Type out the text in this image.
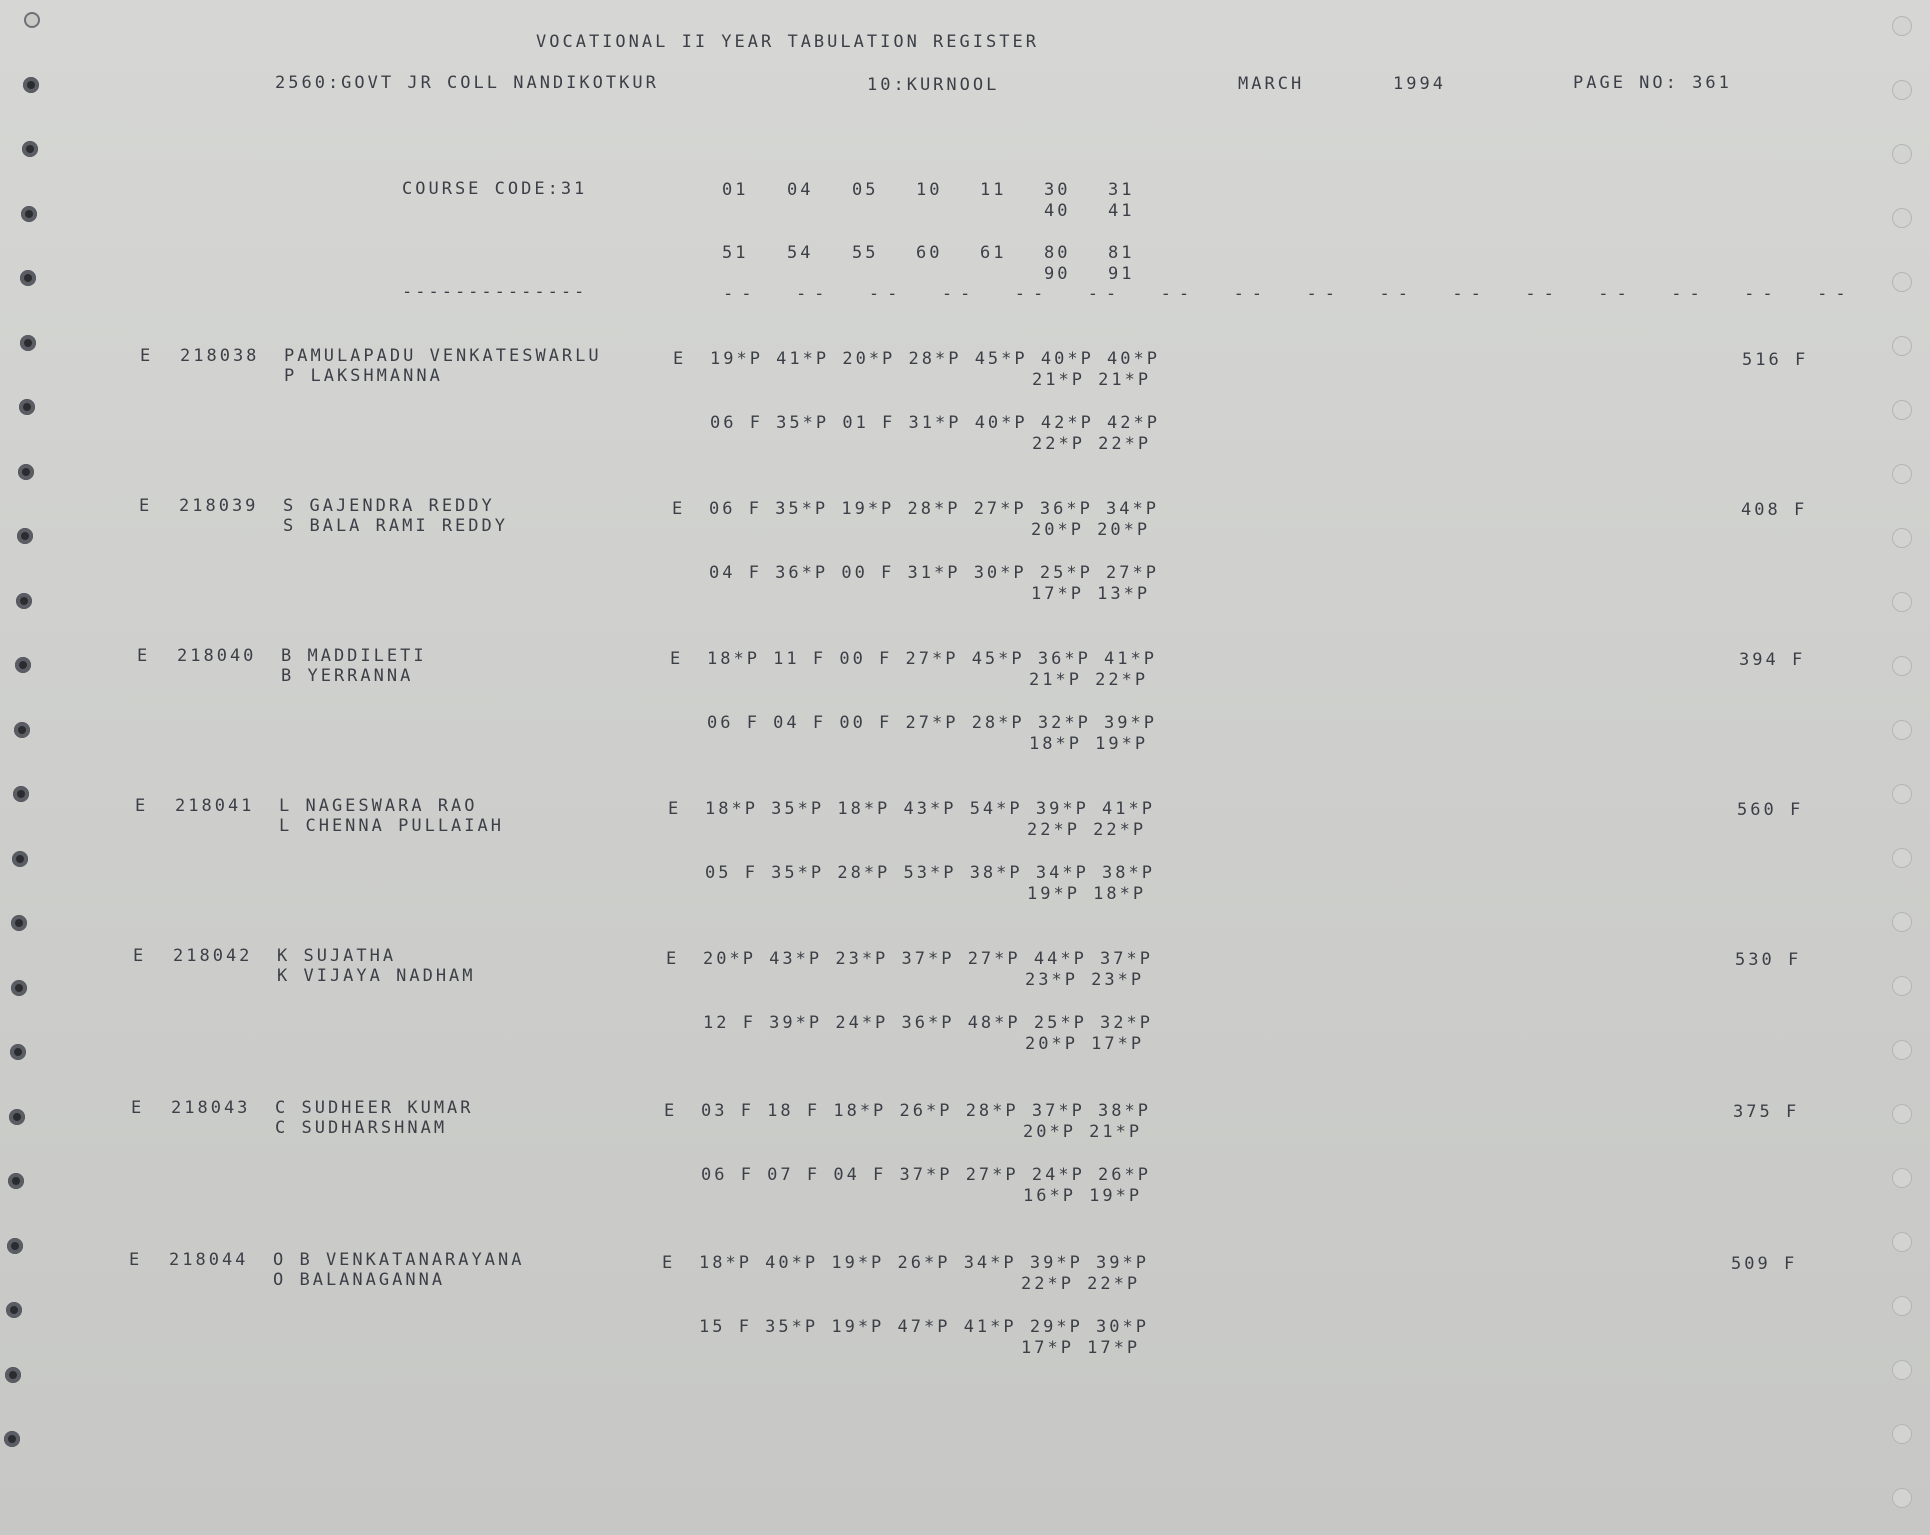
VOCATIONAL II YEAR TABULATION REGISTER
2560:GOVT JR COLL NANDIKOTKUR	10:KURNOOL	MARCH	1994	PAGE NO: 361
COURSE CODE:31
--------------
01 04 05 10 11 30 31
40 41
51 54 55 60 61 80 81
90 91
--  --  --  --  --  --  --  --  --  --  --  --  --  --  --  --
E 218038 PAMULAPADU VENKATESWARLU
P LAKSHMANNA
E 19*P 41*P 20*P 28*P 45*P 40*P 40*P
21*P 21*P
06 F 35*P 01 F 31*P 40*P 42*P 42*P
22*P 22*P
516 F
E 218039 S GAJENDRA REDDY
S BALA RAMI REDDY
E 06 F 35*P 19*P 28*P 27*P 36*P 34*P
20*P 20*P
04 F 36*P 00 F 31*P 30*P 25*P 27*P
17*P 13*P
408 F
E 218040 B MADDILETI
B YERRANNA
E 18*P 11 F 00 F 27*P 45*P 36*P 41*P
21*P 22*P
06 F 04 F 00 F 27*P 28*P 32*P 39*P
18*P 19*P
394 F
E 218041 L NAGESWARA RAO
L CHENNA PULLAIAH
E 18*P 35*P 18*P 43*P 54*P 39*P 41*P
22*P 22*P
05 F 35*P 28*P 53*P 38*P 34*P 38*P
19*P 18*P
560 F
E 218042 K SUJATHA
K VIJAYA NADHAM
E 20*P 43*P 23*P 37*P 27*P 44*P 37*P
23*P 23*P
12 F 39*P 24*P 36*P 48*P 25*P 32*P
20*P 17*P
530 F
E 218043 C SUDHEER KUMAR
C SUDHARSHNAM
E 03 F 18 F 18*P 26*P 28*P 37*P 38*P
20*P 21*P
06 F 07 F 04 F 37*P 27*P 24*P 26*P
16*P 19*P
375 F
E 218044 O B VENKATANARAYANA
O BALANAGANNA
E 18*P 40*P 19*P 26*P 34*P 39*P 39*P
22*P 22*P
15 F 35*P 19*P 47*P 41*P 29*P 30*P
17*P 17*P
509 F
